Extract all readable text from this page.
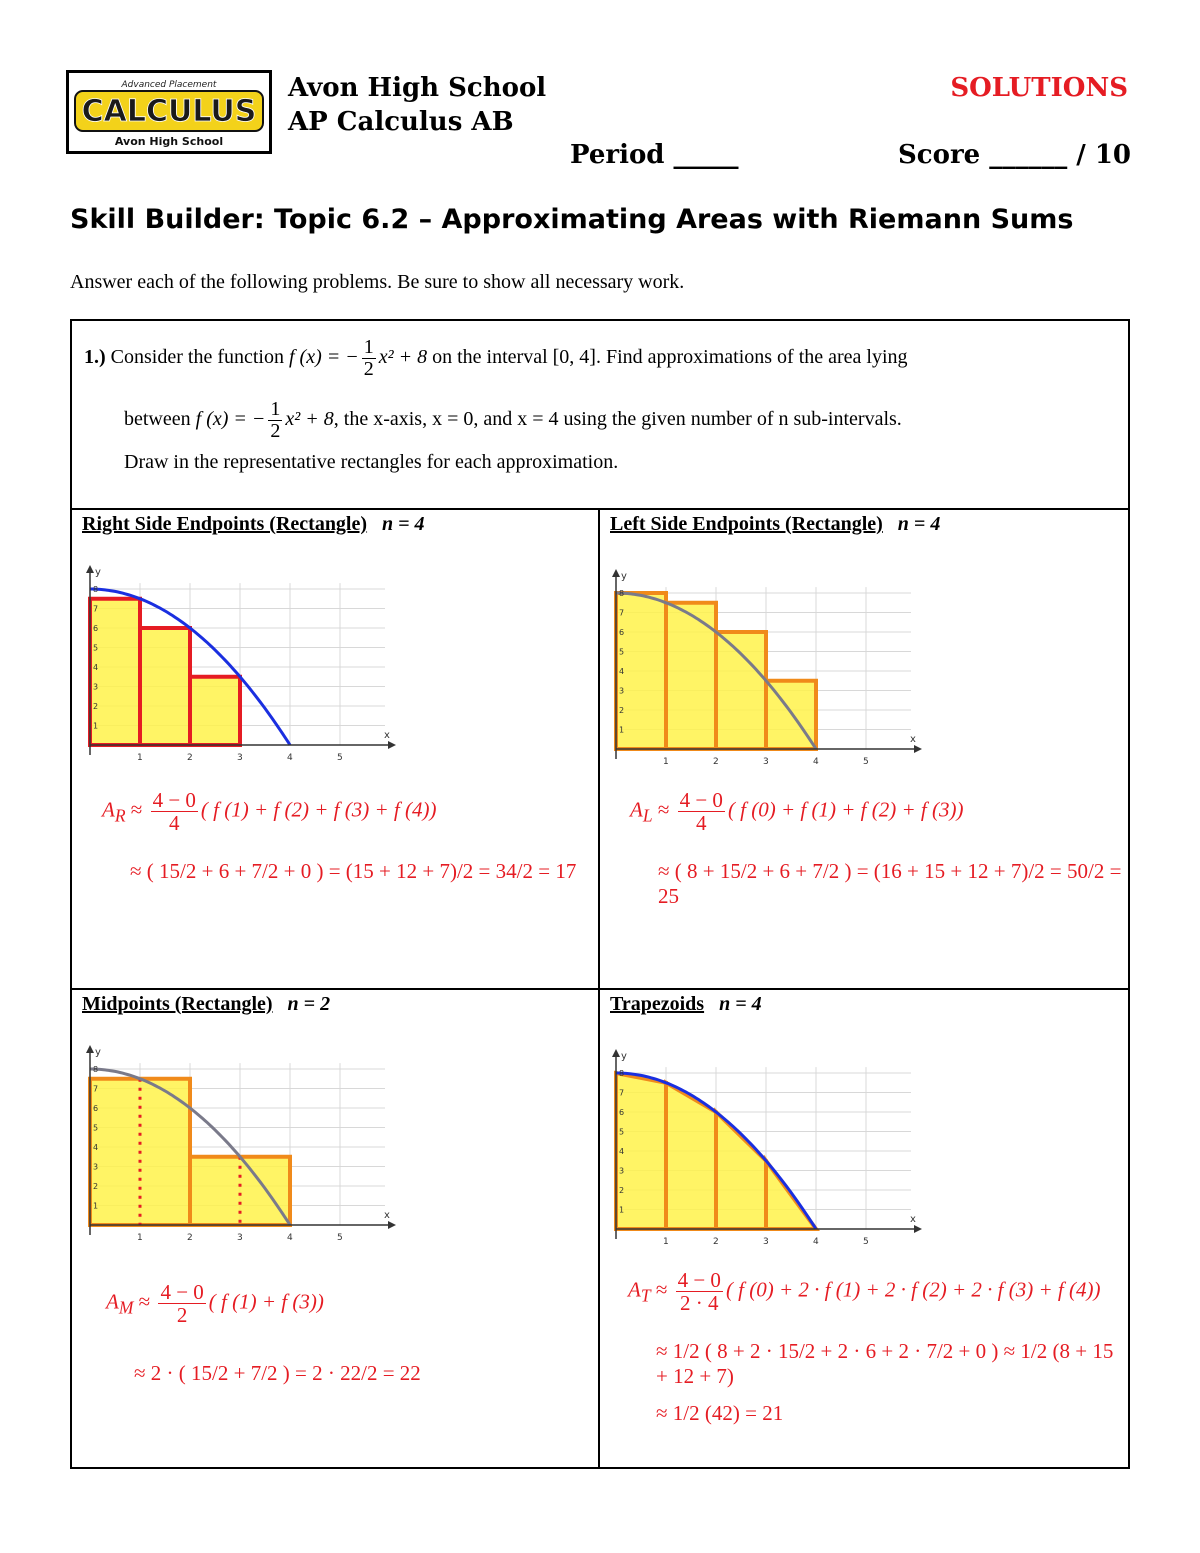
Advanced Placement
CALCULUS
Avon High School
Avon High School
AP Calculus AB
SOLUTIONS
Period _____	Score ______ / 10
Skill Builder: Topic 6.2 – Approximating Areas with Riemann Sums
Answer each of the following problems. Be sure to show all necessary work.
1.) Consider the function f (x) = − $\frac{1}{2} x^2 + 8$ on the interval [0, 4]. Find approximations of the area lying
between f (x) = − $\frac{1}{2} x^2 + 8$, the x-axis, x = 0, and x = 4 using the given number of n sub-intervals.
Draw in the representative rectangles for each approximation.
Right Side Endpoints (Rectangle) n = 4	Left Side Endpoints (Rectangle) n = 4
Midpoints (Rectangle) n = 2	Trapezoids n = 4
x
y
1	2	3	4	5
1
2
3
4
5
6
7
8
x
y
1	2	3	4	5
1
2
3
4
5
6
7
8
x
y
1	2	3	4	5
1
2
3
4
5
6
7
8
x
y
1	2	3	4	5
1
2
3
4
5
6
7
8
$A_R \approx \frac{4 - 0}{4}$ ( f (1) + f (2) + f (3) + f (4))
≈ ( 15/2 + 6 + 7/2 + 0 ) = (15 + 12 + 7)/2 = 34/2 = 17
$A_L \approx \frac{4 - 0}{4}$ ( f (0) + f (1) + f (2) + f (3))
≈ ( 8 + 15/2 + 6 + 7/2 ) = (16 + 15 + 12 + 7)/2 = 50/2 = 25
$A_M \approx \frac{4 - 0}{2}$ ( f (1) + f (3))
≈ 2 · ( 15/2 + 7/2 ) = 2 · 22/2 = 22
$A_T \approx \frac{4 - 0}{2 \cdot 4}$ ( f (0) + 2 · f (1) + 2 · f (2) + 2 · f (3) + f (4))
≈ 1/2 ( 8 + 2 · 15/2 + 2 · 6 + 2 · 7/2 + 0 ) ≈ 1/2 (8 + 15 + 12 + 7)
≈ 1/2 (42) = 21
